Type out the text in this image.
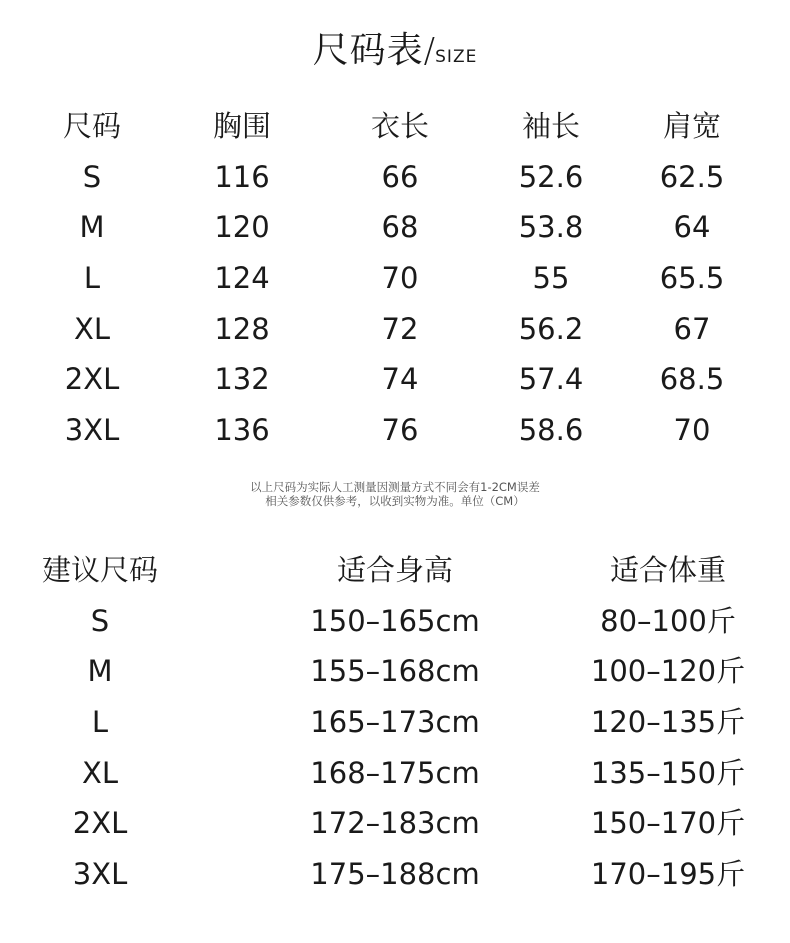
尺码表/SIZE
尺码	胸围	衣长	袖长	肩宽
S	116	66	52.6	62.5
M	120	68	53.8	64
L	124	70	55	65.5
XL	128	72	56.2	67
2XL	132	74	57.4	68.5
3XL	136	76	58.6	70
以上尺码为实际人工测量因测量方式不同会有1-2CM误差
相关参数仅供参考，以收到实物为准。单位（CM）
建议尺码	适合身高	适合体重
S	150–165cm	80–100斤
M	155–168cm	100–120斤
L	165–173cm	120–135斤
XL	168–175cm	135–150斤
2XL	172–183cm	150–170斤
3XL	175–188cm	170–195斤
